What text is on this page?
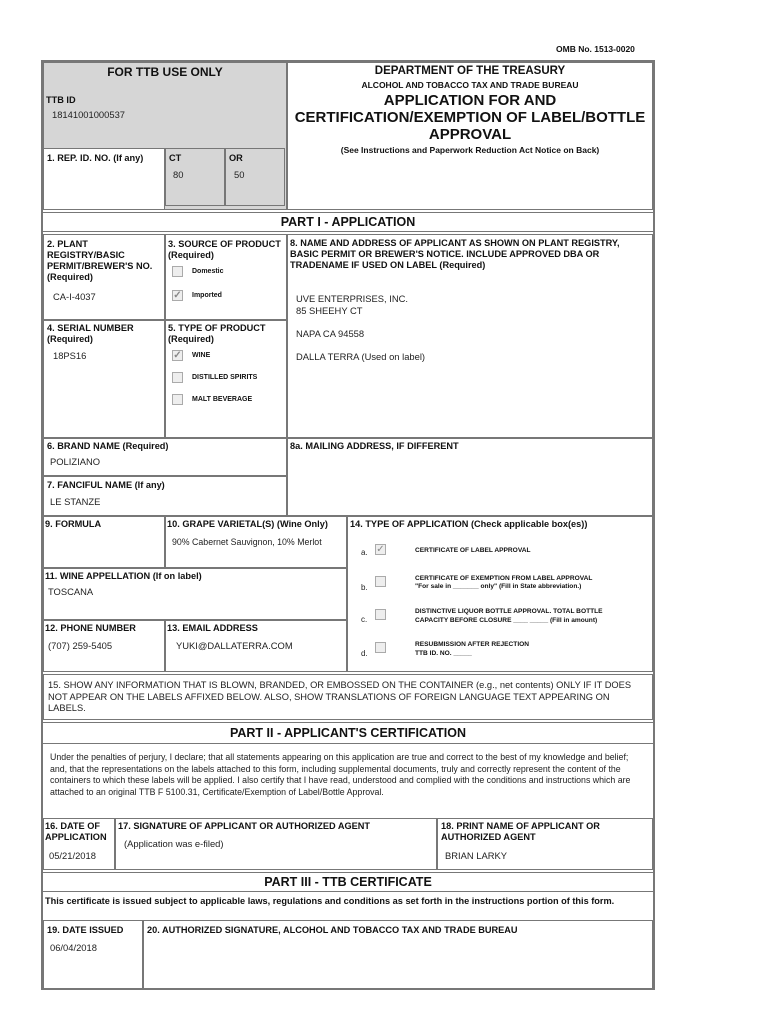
OMB No. 1513-0020
FOR TTB USE ONLY
TTB ID
18141001000537
1. REP. ID. NO. (If any)	CT
80
OR
50
DEPARTMENT OF THE TREASURY
ALCOHOL AND TOBACCO TAX AND TRADE BUREAU
APPLICATION FOR AND
CERTIFICATION/EXEMPTION OF LABEL/BOTTLE
APPROVAL
(See Instructions and Paperwork Reduction Act Notice on Back)
PART I - APPLICATION
2. PLANT REGISTRY/BASIC PERMIT/BREWER'S NO. (Required)
CA-I-4037
3. SOURCE OF PRODUCT (Required)
Domestic
✓ Imported
8. NAME AND ADDRESS OF APPLICANT AS SHOWN ON PLANT REGISTRY, BASIC PERMIT OR BREWER'S NOTICE. INCLUDE APPROVED DBA OR TRADENAME IF USED ON LABEL (Required)
UVE ENTERPRISES, INC.
85 SHEEHY CT
NAPA CA 94558
DALLA TERRA (Used on label)
4. SERIAL NUMBER (Required)
18PS16
5. TYPE OF PRODUCT (Required)
✓ WINE
DISTILLED SPIRITS
MALT BEVERAGE
6. BRAND NAME (Required)
POLIZIANO
8a. MAILING ADDRESS, IF DIFFERENT
7. FANCIFUL NAME (If any)
LE STANZE
9. FORMULA	10. GRAPE VARIETAL(S) (Wine Only)
90% Cabernet Sauvignon, 10% Merlot
14. TYPE OF APPLICATION (Check applicable box(es))
a. ✓	CERTIFICATE OF LABEL APPROVAL
b.
CERTIFICATE OF EXEMPTION FROM LABEL APPROVAL
"For sale in _______ only" (Fill in State abbreviation.)
c.
DISTINCTIVE LIQUOR BOTTLE APPROVAL. TOTAL BOTTLE
CAPACITY BEFORE CLOSURE ____ _____ (Fill in amount)
d.
RESUBMISSION AFTER REJECTION
TTB ID. NO. _____
11. WINE APPELLATION (If on label)
TOSCANA
12. PHONE NUMBER
(707) 259-5405
13. EMAIL ADDRESS
YUKI@DALLATERRA.COM
15. SHOW ANY INFORMATION THAT IS BLOWN, BRANDED, OR EMBOSSED ON THE CONTAINER (e.g., net contents) ONLY IF IT DOES NOT APPEAR ON THE LABELS AFFIXED BELOW. ALSO, SHOW TRANSLATIONS OF FOREIGN LANGUAGE TEXT APPEARING ON LABELS.
PART II - APPLICANT'S CERTIFICATION
Under the penalties of perjury, I declare; that all statements appearing on this application are true and correct to the best of my knowledge and belief; and, that the representations on the labels attached to this form, including supplemental documents, truly and correctly represent the content of the containers to which these labels will be applied. I also certify that I have read, understood and complied with the conditions and instructions which are attached to an original TTB F 5100.31, Certificate/Exemption of Label/Bottle Approval.
16. DATE OF APPLICATION
05/21/2018
17. SIGNATURE OF APPLICANT OR AUTHORIZED AGENT
(Application was e-filed)
18. PRINT NAME OF APPLICANT OR AUTHORIZED AGENT
BRIAN LARKY
PART III - TTB CERTIFICATE
This certificate is issued subject to applicable laws, regulations and conditions as set forth in the instructions portion of this form.
19. DATE ISSUED
06/04/2018
20. AUTHORIZED SIGNATURE, ALCOHOL AND TOBACCO TAX AND TRADE BUREAU
